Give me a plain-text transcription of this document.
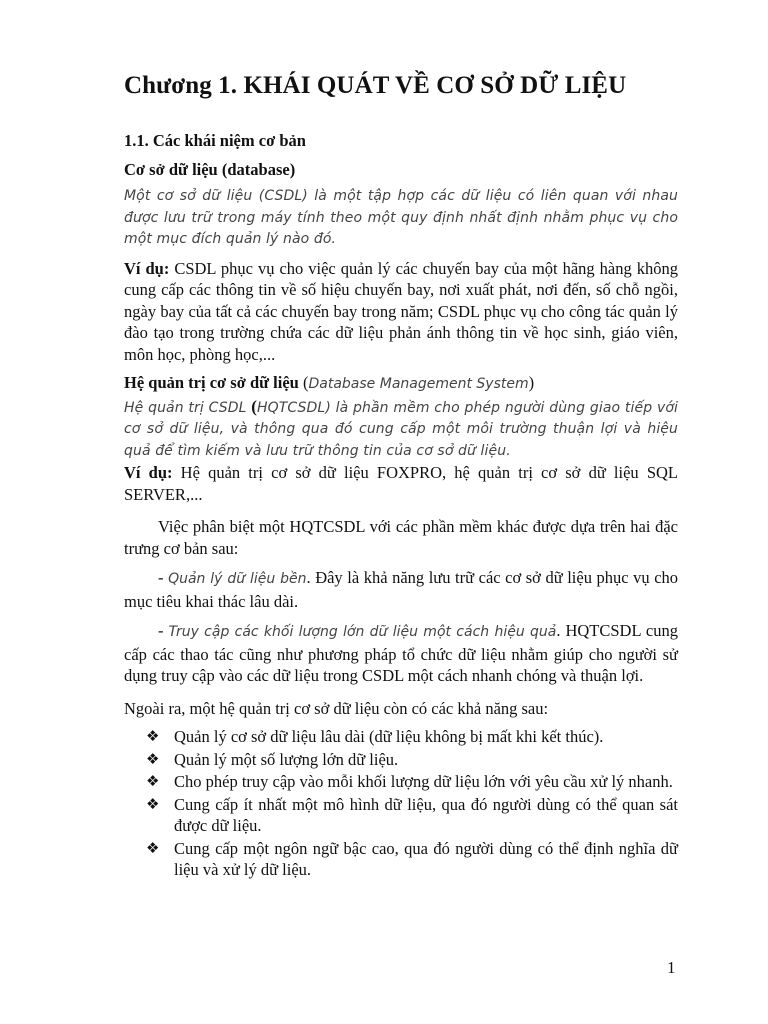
Chương 1. KHÁI QUÁT VỀ CƠ SỞ DỮ LIỆU

1.1. Các khái niệm cơ bản

Cơ sở dữ liệu (database)

Một cơ sở dữ liệu (CSDL) là một tập hợp các dữ liệu có liên quan với nhau được lưu trữ trong máy tính theo một quy định nhất định nhằm phục vụ cho một mục đích quản lý nào đó.

Ví dụ: CSDL phục vụ cho việc quản lý các chuyến bay của một hãng hàng không cung cấp các thông tin về số hiệu chuyến bay, nơi xuất phát, nơi đến, số chỗ ngồi, ngày bay của tất cả các chuyến bay trong năm; CSDL phục vụ cho công tác quản lý đào tạo trong trường chứa các dữ liệu phản ánh thông tin về học sinh, giáo viên, môn học, phòng học,...

Hệ quản trị cơ sở dữ liệu (Database Management System)

Hệ quản trị CSDL (HQTCSDL) là phần mềm cho phép người dùng giao tiếp với cơ sở dữ liệu, và thông qua đó cung cấp một môi trường thuận lợi và hiệu quả để tìm kiếm và lưu trữ thông tin của cơ sở dữ liệu.

Ví dụ: Hệ quản trị cơ sở dữ liệu FOXPRO, hệ quản trị cơ sở dữ liệu SQL SERVER,...

Việc phân biệt một HQTCSDL với các phần mềm khác được dựa trên hai đặc trưng cơ bản sau:

- Quản lý dữ liệu bền. Đây là khả năng lưu trữ các cơ sở dữ liệu phục vụ cho mục tiêu khai thác lâu dài.

- Truy cập các khối lượng lớn dữ liệu một cách hiệu quả. HQTCSDL cung cấp các thao tác cũng như phương pháp tổ chức dữ liệu nhằm giúp cho người sử dụng truy cập vào các dữ liệu trong CSDL một cách nhanh chóng và thuận lợi.

Ngoài ra, một hệ quản trị cơ sở dữ liệu còn có các khả năng sau:

❖ Quản lý cơ sở dữ liệu lâu dài (dữ liệu không bị mất khi kết thúc).
❖ Quản lý một số lượng lớn dữ liệu.
❖ Cho phép truy cập vào mỗi khối lượng dữ liệu lớn với yêu cầu xử lý nhanh.
❖ Cung cấp ít nhất một mô hình dữ liệu, qua đó người dùng có thể quan sát được dữ liệu.
❖ Cung cấp một ngôn ngữ bậc cao, qua đó người dùng có thể định nghĩa dữ liệu và xử lý dữ liệu.

1
